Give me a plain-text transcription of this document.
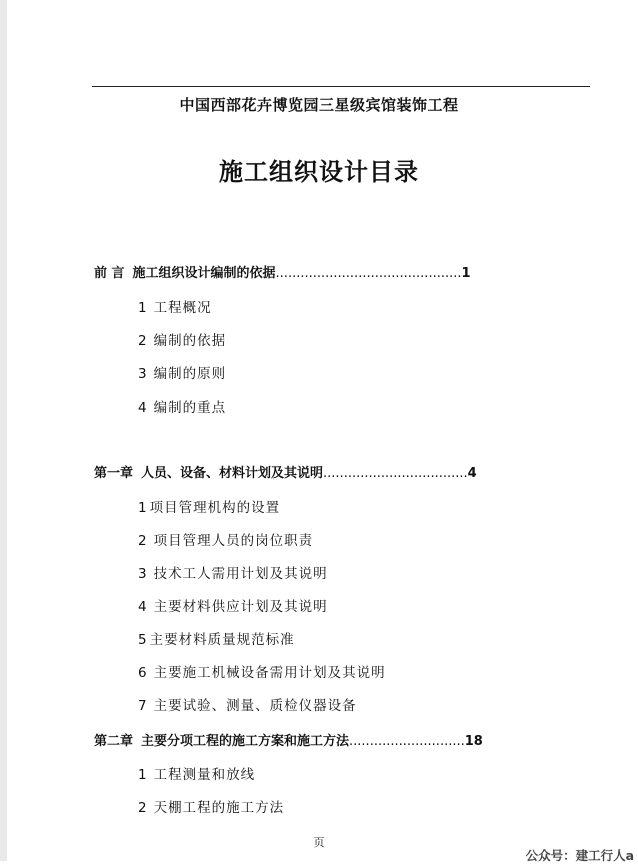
中国西部花卉博览园三星级宾馆装饰工程
施工组织设计目录
前 言 施工组织设计编制的依据.............................................1
1 工程概况
2 编制的依据
3 编制的原则
4 编制的重点
第一章 人员、设备、材料计划及其说明...................................4
1 项目管理机构的设置
2 项目管理人员的岗位职责
3 技术工人需用计划及其说明
4 主要材料供应计划及其说明
5 主要材料质量规范标准
6 主要施工机械设备需用计划及其说明
7 主要试验、测量、质检仪器设备
第二章 主要分项工程的施工方案和施工方法............................18
1 工程测量和放线
2 天棚工程的施工方法
页
公众号：建工行人a
